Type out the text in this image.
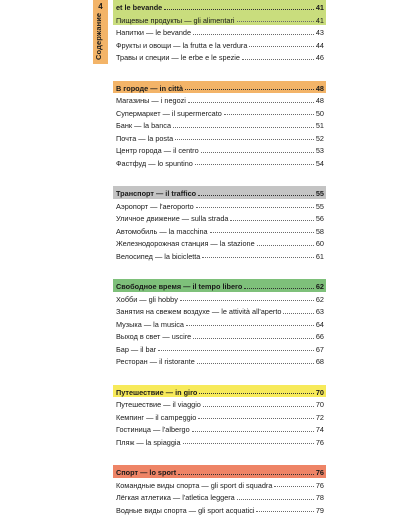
4
Содержание
et le bevande	41
Пищевые продукты — gli alimentari	41
Напитки — le bevande	43
Фрукты и овощи — la frutta e la verdura	44
Травы и специи — le erbe e le spezie	46
В городе — in città	48
Магазины — i negozi	48
Супермаркет — il supermercato	50
Банк — la banca	51
Почта — la posta	52
Центр города — il centro	53
Фастфуд — lo spuntino	54
Транспорт — il traffico	55
Аэропорт — l'aeroporto	55
Уличное движение — sulla strada	56
Автомобиль — la macchina	58
Железнодорожная станция — la stazione	60
Велосипед — la bicicletta	61
Свободное время — il tempo libero	62
Хобби — gli hobby	62
Занятия на свежем воздухе — le attività all'aperto	63
Музыка — la musica	64
Выход в свет — uscire	66
Бар — il bar	67
Ресторан — il ristorante	68
Путешествие — in giro	70
Путешествие — il viaggio	70
Кемпинг — il campeggio	72
Гостиница — l'albergo	74
Пляж — la spiaggia	76
Спорт — lo sport	76
Командные виды спорта — gli sport di squadra	76
Лёгкая атлетика — l'atletica leggera	78
Водные виды спорта — gli sport acquatici	79
